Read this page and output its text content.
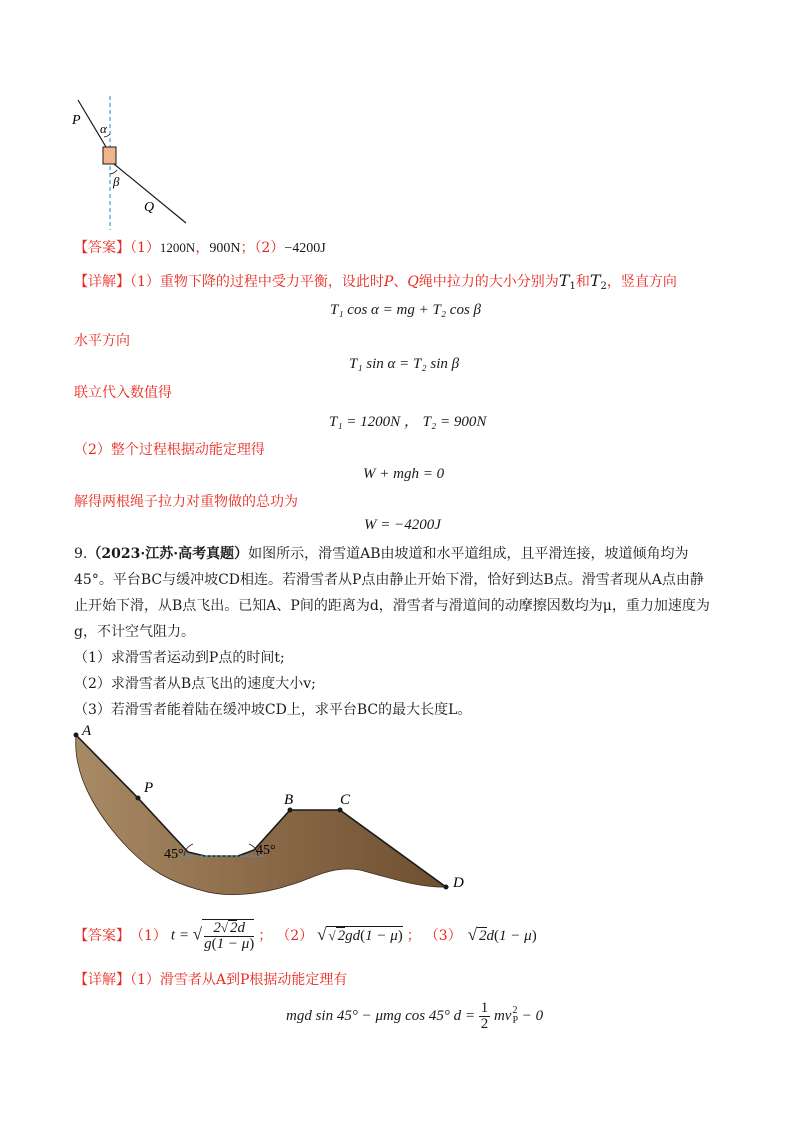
P
α
β
Q
【答案】（1）1200N，900N；（2）−4200J
【详解】（1）重物下降的过程中受力平衡，设此时P、Q绳中拉力的大小分别为$T_1$和$T_2$，竖直方向
T₁ cos α = mg + T₂ cos β
水平方向
T₁ sin α = T₂ sin β
联立代入数值得
T₁ = 1200N ， T₂ = 900N
（2）整个过程根据动能定理得
W + mgh = 0
解得两根绳子拉力对重物做的总功为
W = −4200J
9.（2023·江苏·高考真题）如图所示，滑雪道AB由坡道和水平道组成，且平滑连接，坡道倾角均为
45°。平台BC与缓冲坡CD相连。若滑雪者从P点由静止开始下滑，恰好到达B点。滑雪者现从A点由静
止开始下滑，从B点飞出。已知A、P间的距离为d，滑雪者与滑道间的动摩擦因数均为μ，重力加速度为
g，不计空气阻力。
（1）求滑雪者运动到P点的时间t;
（2）求滑雪者从B点飞出的速度大小v;
（3）若滑雪者能着陆在缓冲坡CD上，求平台BC的最大长度L。
A
P
B	C
D
45°	45°
【答案】 （1） t = √ $\frac{2√ 2d}{g(1 - \mu)}$ ； （2） √ √ 2gd(1 − μ) ； （3） √ 2d(1 − μ)
【详解】（1）滑雪者从A到P根据动能定理有
mgd sin 45° − μmg cos 45° $d = \frac{1}{2}$ mv 2
P − 0
